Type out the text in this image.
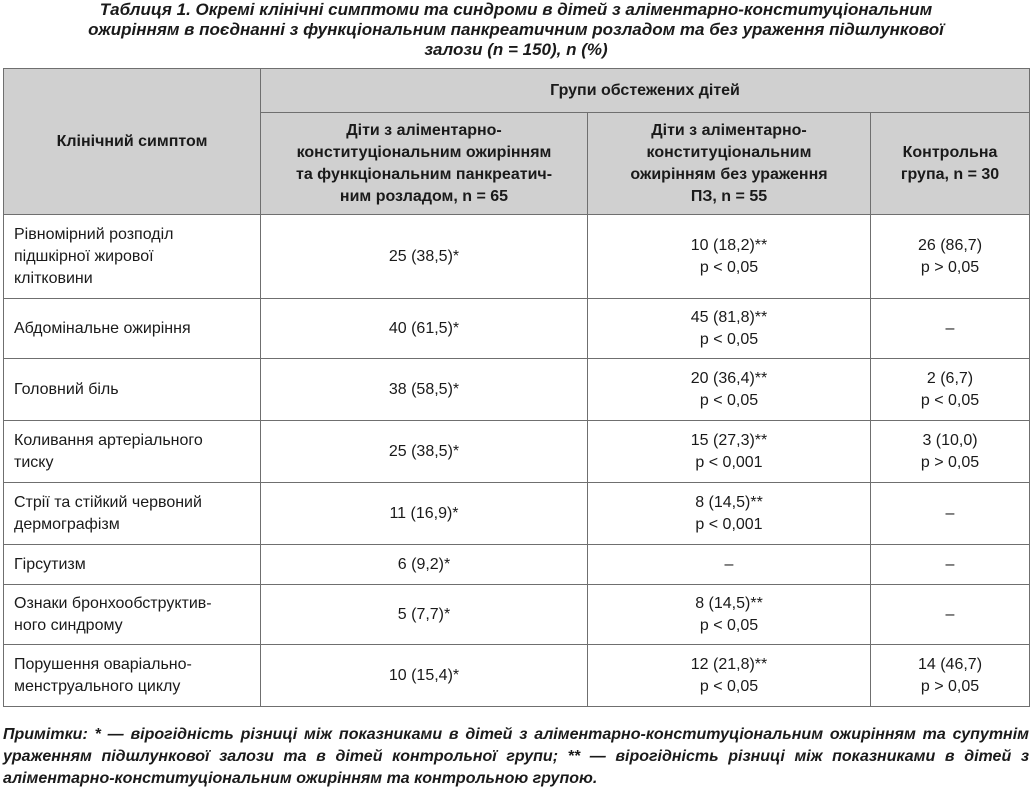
Таблиця 1. Окремі клінічні симптоми та синдроми в дітей з аліментарно-конституціональним
ожирінням в поєднанні з функціональним панкреатичним розладом та без ураження підшлункової
залози (n = 150), n (%)
Клінічний симптом	Групи обстежених дітей		

	Діти з аліментарно-
конституціональним ожирінням
та функціональним панкреатич-
ним розладом, n = 65	Діти з аліментарно-
конституціональним
ожирінням без ураження
ПЗ, n = 55	Контрольна
група, n = 30

Рівномірний розподіл
підшкірної жирової
клітковини	25 (38,5)*	10 (18,2)**
p < 0,05	26 (86,7)
p > 0,05

Абдомінальне ожиріння	40 (61,5)*	45 (81,8)**
p < 0,05	–

Головний біль	38 (58,5)*	20 (36,4)**
p < 0,05	2 (6,7)
p < 0,05

Коливання артеріального
тиску	25 (38,5)*	15 (27,3)**
p < 0,001	3 (10,0)
p > 0,05

Стрії та стійкий червоний
дермографізм	11 (16,9)*	8 (14,5)**
p < 0,001	–

Гірсутизм	6 (9,2)*	–	–

Ознаки бронхообструктив-
ного синдрому	5 (7,7)*	8 (14,5)**
p < 0,05	–

Порушення оваріально-
менструального циклу	10 (15,4)*	12 (21,8)**
p < 0,05	14 (46,7)
p > 0,05
Примітки: * — вірогідність різниці між показниками в дітей з аліментарно-конституціональним ожирінням та супутнім ураженням підшлункової залози та в дітей контрольної групи; ** — вірогідність різниці між показниками в дітей з аліментарно-конституціональним ожирінням та контрольною групою.
